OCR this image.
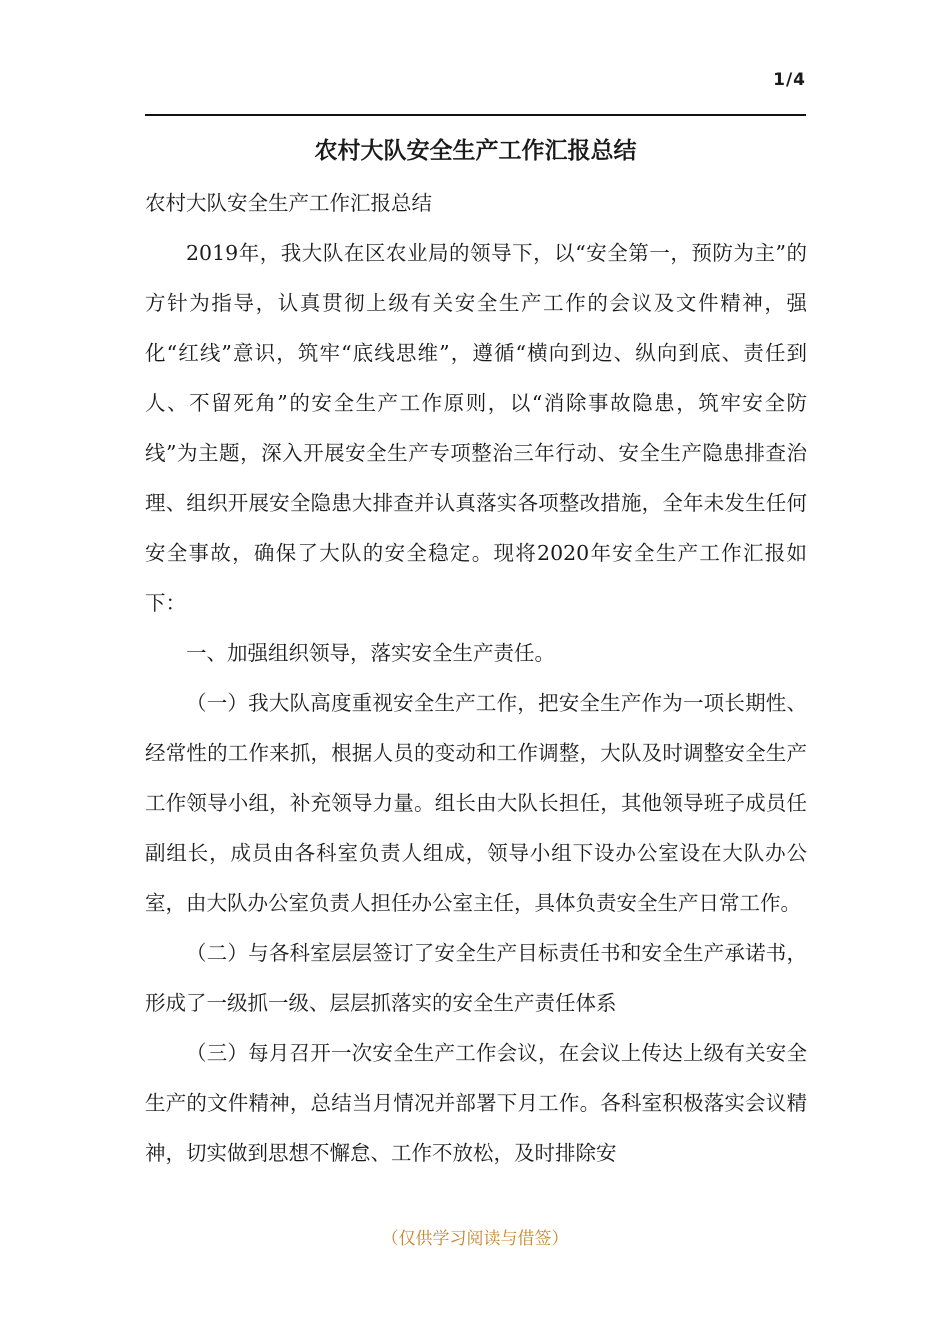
1/4
农村大队安全生产工作汇报总结

农村大队安全生产工作汇报总结

2019年，我大队在区农业局的领导下，以“安全第一，预防为主”的方针为指导，认真贯彻上级有关安全生产工作的会议及文件精神，强化“红线”意识，筑牢“底线思维”，遵循“横向到边、纵向到底、责任到人、不留死角”的安全生产工作原则，以“消除事故隐患，筑牢安全防线”为主题，深入开展安全生产专项整治三年行动、安全生产隐患排查治理、组织开展安全隐患大排查并认真落实各项整改措施，全年未发生任何安全事故，确保了大队的安全稳定。现将2020年安全生产工作汇报如下：

一、加强组织领导，落实安全生产责任。

（一）我大队高度重视安全生产工作，把安全生产作为一项长期性、经常性的工作来抓，根据人员的变动和工作调整，大队及时调整安全生产工作领导小组，补充领导力量。组长由大队长担任，其他领导班子成员任副组长，成员由各科室负责人组成，领导小组下设办公室设在大队办公室，由大队办公室负责人担任办公室主任，具体负责安全生产日常工作。

（二）与各科室层层签订了安全生产目标责任书和安全生产承诺书，形成了一级抓一级、层层抓落实的安全生产责任体系

（三）每月召开一次安全生产工作会议，在会议上传达上级有关安全生产的文件精神，总结当月情况并部署下月工作。各科室积极落实会议精神，切实做到思想不懈怠、工作不放松，及时排除安

（仅供学习阅读与借签）
